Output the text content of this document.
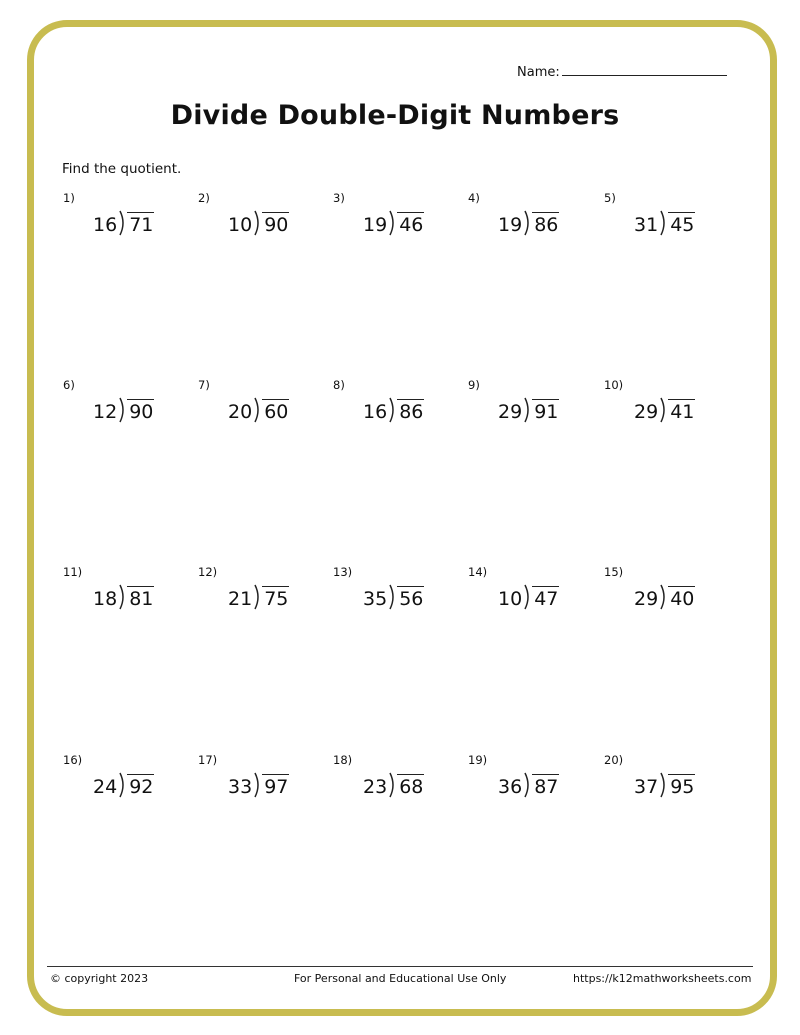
Name:
Divide Double-Digit Numbers
Find the quotient.
1)
16 71
2)
10 90
3)
19 46
4)
19 86
5)
31 45
6)
12 90
7)
20 60
8)
16 86
9)
29 91
10)
29 41
11)
18 81
12)
21 75
13)
35 56
14)
10 47
15)
29 40
16)
24 92
17)
33 97
18)
23 68
19)
36 87
20)
37 95
© copyright 2023	For Personal and Educational Use Only	https://k12mathworksheets.com
